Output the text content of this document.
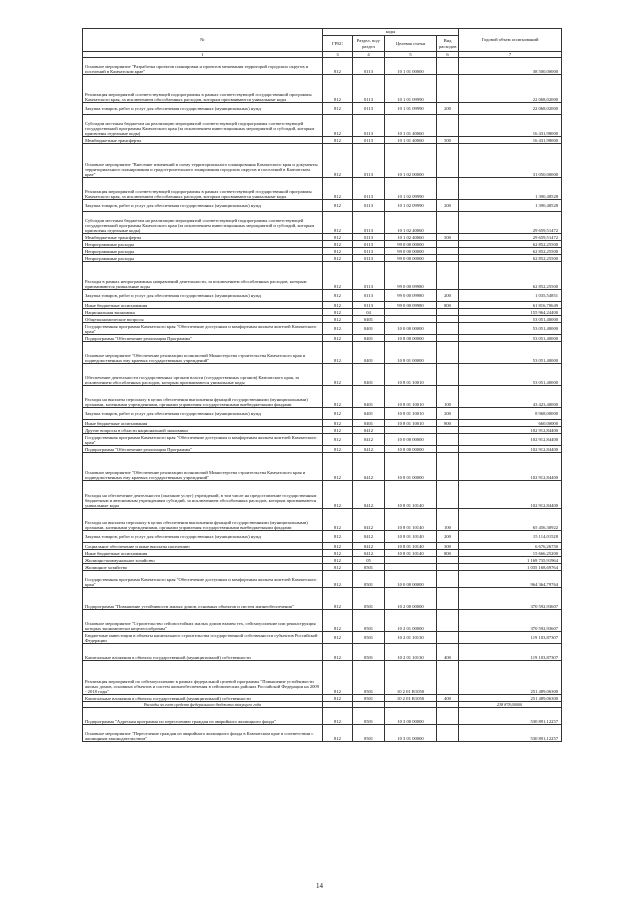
№	коды				Годовой объем ассигнований
	ГРБС	Раздел, под-раздел	Целевая статья	Вид расходов	
1	3	4	5	6	7
Основное мероприятие "Разработка проектов планировки и проектов межевания территорий городских округов и поселений в Камчатском крае"	812	0113	10 1 01 00000		38 500,00000
Реализация мероприятий соответствующей подпрограммы в рамках соответствующей государственной программы Камчатского края, за исключением обособленных расходов, которым присваиваются уникальные коды	812	0113	10 1 01 09990		22 068,02000
Закупка товаров, работ и услуг для обеспечения государственных (муниципальных) нужд	812	0113	10 1 01 09990	200	22 068,02000
Субсидии местным бюджетам на реализацию мероприятий соответствующей подпрограммы соответствующей государственной программы Камчатского края (за исключением инвестиционных мероприятий и субсидий, которым присвоены отдельные коды)	812	0113	10 1 01 40060		16 431,98000
Межбюджетные трансферты	812	0113	10 1 01 40060	500	16 431,98000
Основное мероприятие "Внесение изменений в схему территориального планирования Камчатского края и документы территориального планирования и градостроительного зонирования городских округов и поселений в Камчатском крае"	812	0113	10 1 02 00000		31 050,00000
Реализация мероприятий соответствующей подпрограммы в рамках соответствующей государственной программы Камчатского края, за исключением обособленных расходов, которым присваиваются уникальные коды	812	0113	10 1 02 09990		1 390,48528
Закупка товаров, работ и услуг для обеспечения государственных (муниципальных) нужд	812	0113	10 1 02 09990	200	1 390,48528
Субсидии местным бюджетам на реализацию мероприятий соответствующей подпрограммы соответствующей государственной программы Камчатского края (за исключением инвестиционных мероприятий и субсидий, которым присвоены отдельные коды)	812	0113	10 1 02 40060		29 659,51472
Межбюджетные трансферты	812	0113	10 1 02 40060	500	29 659,51472
Непрограммные расходы	812	0113	99 0 00 00000		62 852,25500
Непрограммные расходы	812	0113	99 0 00 00000		62 852,25500
Непрограммные расходы	812	0113	99 0 00 00000		62 852,25500
Расходы в рамках непрограммных направлений деятельности, за исключением обособленных расходов, которым присваиваются уникальные коды	812	0113	99 0 00 09980		62 852,25500
Закупка товаров, работ и услуг для обеспечения государственных (муниципальных) нужд	812	0113	99 0 00 09980	200	1 035,54851
Иные бюджетные ассигнования	812	0113	99 0 00 09980	800	61 816,70649
Национальная экономика	812	04			155 964,24400
Общеэкономические вопросы	812	0401			53 051,40000
Государственная программа Камчатского края "Обеспечение доступным и комфортным жильем жителей Камчатского края"	812	0401	10 0 00 00000		53 051,40000
Подпрограмма "Обеспечение реализации Программы"	812	0401	10 8 00 00000		53 051,40000
Основное мероприятие "Обеспечение реализации полномочий Министерства строительства Камчатского края и подведомственных ему краевых государственных учреждений"	812	0401	10 8 01 00000		53 051,40000
Обеспечение деятельности государственных органов власти (государственных органов) Камчатского края, за исключением обособленных расходов, которым присваиваются уникальные коды	812	0401	10 8 01 10010		53 051,40000
Расходы на выплаты персоналу в целях обеспечения выполнения функций государственными (муниципальными) органами, казенными учреждениями, органами управления государственными внебюджетными фондами	812	0401	10 8 01 10010	100	43 423,40000
Закупка товаров, работ и услуг для обеспечения государственных (муниципальных) нужд	812	0401	10 8 01 10010	200	8 968,00000
Иные бюджетные ассигнования	812	0401	10 8 01 10010	800	660,00000
Другие вопросы в области национальной экономики	812	0412			102 912,84400
Государственная программа Камчатского края "Обеспечение доступным и комфортным жильем жителей Камчатского края"	812	0412	10 0 00 00000		102 912,84400
Подпрограмма "Обеспечение реализации Программы"	812	0412	10 8 00 00000		102 912,84400
Основное мероприятие "Обеспечение реализации полномочий Министерства строительства Камчатского края и подведомственных ему краевых государственных учреждений"	812	0412	10 8 01 00000		102 912,84400
Расходы на обеспечение деятельности (оказание услуг) учреждений, в том числе на предоставление государственным бюджетным и автономным учреждениям субсидий, за исключением обособленных расходов, которым присваиваются уникальные коды	812	0412	10 8 01 10140		102 912,84400
Расходы на выплаты персоналу в целях обеспечения выполнения функций государственными (муниципальными) органами, казенными учреждениями, органами управления государственными внебюджетными фондами	812	0412	10 8 01 10140	100	65 456,30922
Закупка товаров, работ и услуг для обеспечения государственных (муниципальных) нужд	812	0412	10 8 01 10140	200	15 114,01528
Социальное обеспечение и иные выплаты населению	812	0412	10 8 01 10140	300	6 676,26750
Иные бюджетные ассигнования	812	0412	10 8 01 10140	800	15 666,25200
Жилищно-коммунальное хозяйство	812	05			1 169 735,91964
Жилищное хозяйство	812	0501			1 035 168,69764
Государственная программа Камчатского края "Обеспечение доступным и комфортным жильем жителей Камчатского края"	812	0501	10 0 00 00000		964 364,79764
Подпрограмма "Повышение устойчивости жилых домов, основных объектов и систем жизнеобеспечения"	812	0501	10 2 00 00000		370 592,93607
Основное мероприятие "Строительство сейсмостойких жилых домов взамен тех, сейсмоусиление или реконструкция которых экономически нецелесообразны"	812	0501	10 2 01 00000		370 592,93607
Бюджетные инвестиции в объекты капитального строительства государственной собственности субъектов Российской Федерации	812	0501	10 2 01 10130		119 103,87307
Капитальные вложения в объекты государственной (муниципальной) собственности	812	0501	10 2 01 10130	400	119 103,87307
Реализация мероприятий по сейсмоусилению в рамках федеральной целевой программы "Повышение устойчивости жилых домов, основных объектов и систем жизнеобеспечения в сейсмических районах Российской Федерации на 2009 - 2018 годы"	812	0501	10 2 01 R1050		251 489,06300
Капитальные вложения в объекты государственной (муниципальной) собственности	812	0501	10 2 01 R1050	400	251 489,06300
Расходы за счет средств федерального бюджета текущего года					238 878,00000
Подпрограмма "Адресная программа по переселению граждан из аварийного жилищного фонда"	812	0501	10 3 00 00000		530 891,12257
Основное мероприятие "Переселение граждан из аварийного жилищного фонда в Камчатском крае в соответствии с жилищным законодательством"	812	0501	10 3 01 00000		530 891,12257
14
